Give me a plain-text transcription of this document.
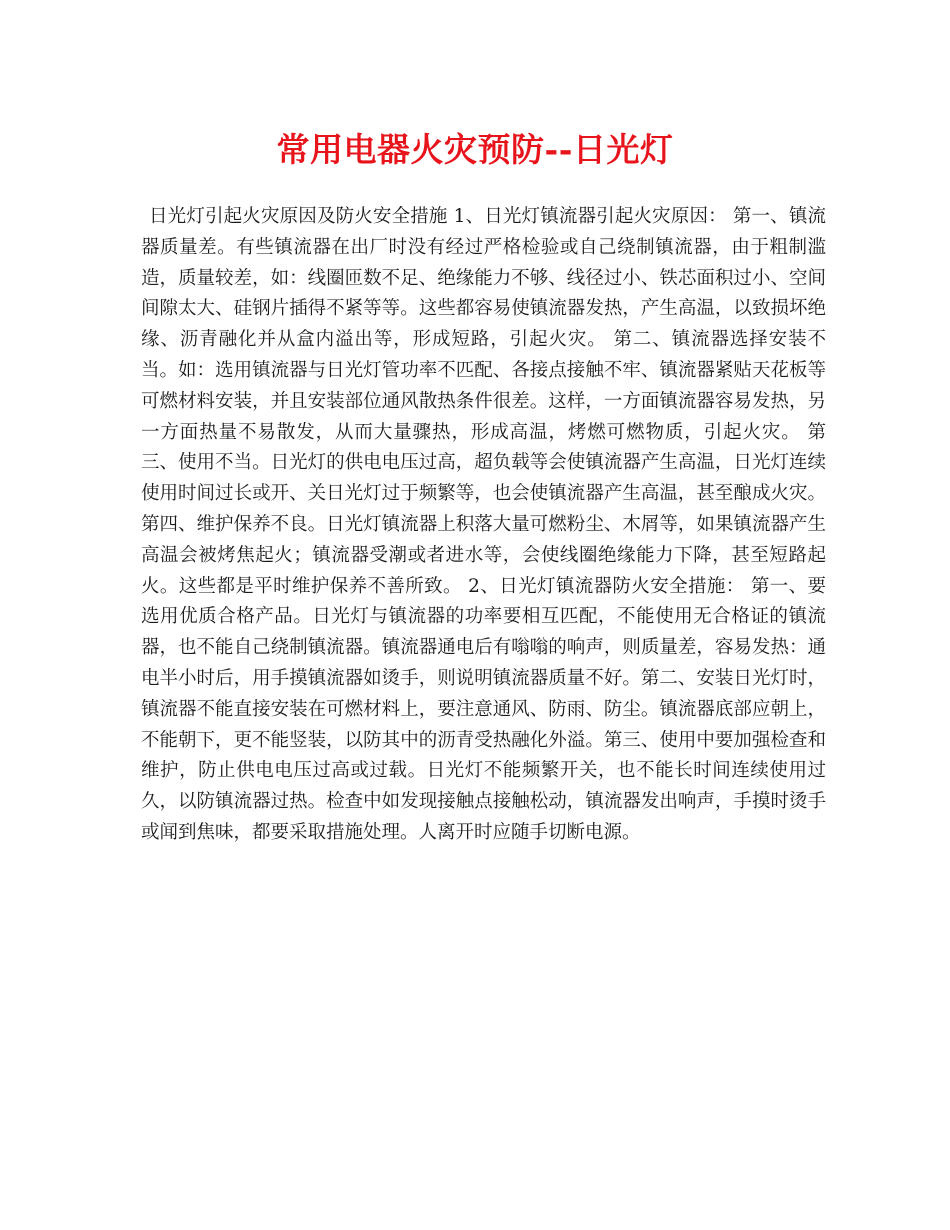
常用电器火灾预防--日光灯

日光灯引起火灾原因及防火安全措施 1、日光灯镇流器引起火灾原因： 第一、镇流器质量差。有些镇流器在出厂时没有经过严格检验或自己绕制镇流器，由于粗制滥造，质量较差，如：线圈匝数不足、绝缘能力不够、线径过小、铁芯面积过小、空间间隙太大、硅钢片插得不紧等等。这些都容易使镇流器发热，产生高温，以致损坏绝缘、沥青融化并从盒内溢出等，形成短路，引起火灾。 第二、镇流器选择安装不当。如：选用镇流器与日光灯管功率不匹配、各接点接触不牢、镇流器紧贴天花板等可燃材料安装，并且安装部位通风散热条件很差。这样，一方面镇流器容易发热，另一方面热量不易散发，从而大量骤热，形成高温，烤燃可燃物质，引起火灾。 第三、使用不当。日光灯的供电电压过高，超负载等会使镇流器产生高温，日光灯连续使用时间过长或开、关日光灯过于频繁等，也会使镇流器产生高温，甚至酿成火灾。 第四、维护保养不良。日光灯镇流器上积落大量可燃粉尘、木屑等，如果镇流器产生高温会被烤焦起火；镇流器受潮或者进水等，会使线圈绝缘能力下降，甚至短路起火。这些都是平时维护保养不善所致。 2、日光灯镇流器防火安全措施： 第一、要选用优质合格产品。日光灯与镇流器的功率要相互匹配，不能使用无合格证的镇流器，也不能自己绕制镇流器。镇流器通电后有嗡嗡的响声，则质量差，容易发热：通电半小时后，用手摸镇流器如烫手，则说明镇流器质量不好。第二、安装日光灯时，镇流器不能直接安装在可燃材料上，要注意通风、防雨、防尘。镇流器底部应朝上，不能朝下，更不能竖装，以防其中的沥青受热融化外溢。第三、使用中要加强检查和维护，防止供电电压过高或过载。日光灯不能频繁开关，也不能长时间连续使用过久，以防镇流器过热。检查中如发现接触点接触松动，镇流器发出响声，手摸时烫手或闻到焦味，都要采取措施处理。人离开时应随手切断电源。
